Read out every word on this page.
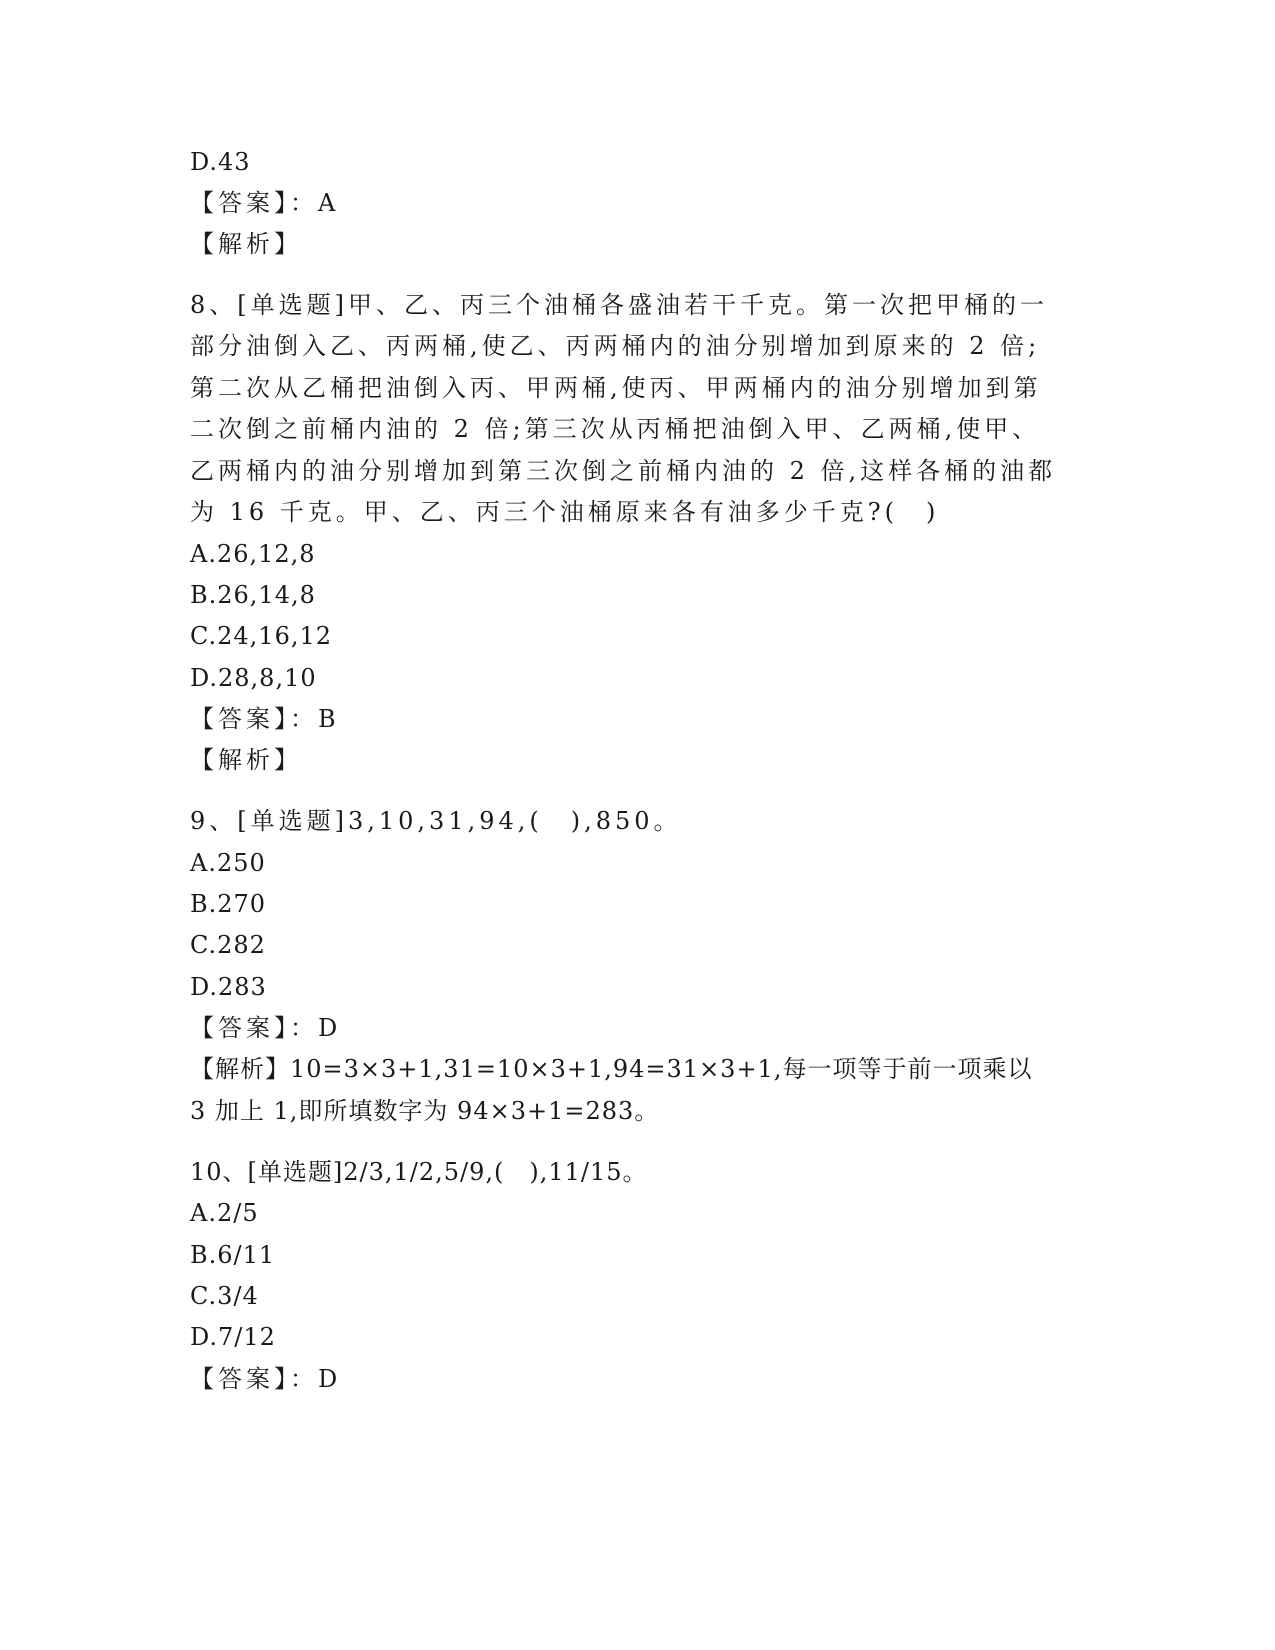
D.43
【答案】：A
【解析】
8、[单选题]甲、乙、丙三个油桶各盛油若干千克。第一次把甲桶的一
部分油倒入乙、丙两桶,使乙、丙两桶内的油分别增加到原来的 2 倍;
第二次从乙桶把油倒入丙、甲两桶,使丙、甲两桶内的油分别增加到第
二次倒之前桶内油的 2 倍;第三次从丙桶把油倒入甲、乙两桶,使甲、
乙两桶内的油分别增加到第三次倒之前桶内油的 2 倍,这样各桶的油都
为 16 千克。甲、乙、丙三个油桶原来各有油多少千克?(　)
A.26,12,8
B.26,14,8
C.24,16,12
D.28,8,10
【答案】：B
【解析】
9、[单选题]3,10,31,94,(　),850。
A.250
B.270
C.282
D.283
【答案】：D
【解析】10=3×3+1,31=10×3+1,94=31×3+1,每一项等于前一项乘以
3 加上 1,即所填数字为 94×3+1=283。
10、[单选题]2/3,1/2,5/9,(　),11/15。
A.2/5
B.6/11
C.3/4
D.7/12
【答案】：D
